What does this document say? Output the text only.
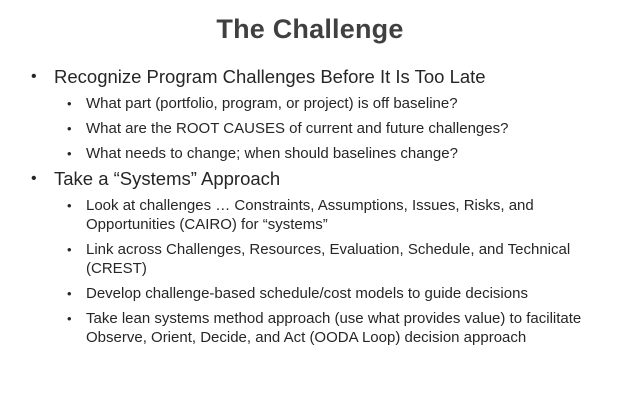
The Challenge
• Recognize Program Challenges Before It Is Too Late
• What part (portfolio, program, or project) is off baseline?
• What are the ROOT CAUSES of current and future challenges?
• What needs to change; when should baselines change?
• Take a “Systems” Approach
• Look at challenges … Constraints, Assumptions, Issues, Risks, and Opportunities (CAIRO) for “systems”
• Link across Challenges, Resources, Evaluation, Schedule, and Technical (CREST)
• Develop challenge-based schedule/cost models to guide decisions
• Take lean systems method approach (use what provides value) to facilitate Observe, Orient, Decide, and Act (OODA Loop) decision approach
